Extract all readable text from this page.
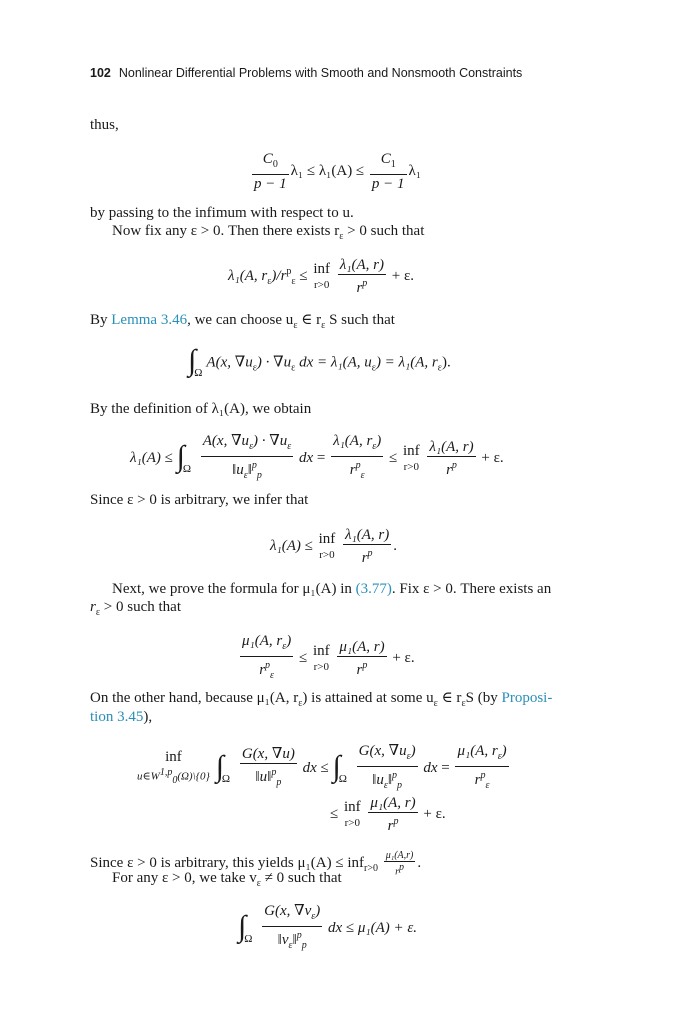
102 Nonlinear Differential Problems with Smooth and Nonsmooth Constraints
thus,
$\frac{C_0}{p - 1} \lambda_1 \le \lambda_1(A) \le \frac{C_1}{p - 1} \lambda_1$
by passing to the infimum with respect to u.
Now fix any ε > 0. Then there exists $r_\varepsilon > 0$ such that
λ₁(A, $r_\varepsilon)/r^p_\varepsilon$ ≤ inf
r>0
$\frac{\text{λ₁(A, r)}}{r^p} + \varepsilon$.
By Lemma 3.46, we can choose $u_\varepsilon$ ∈ $r_\varepsilon$ S such that
$\int_\Omega A(x$, $\nabla u_\varepsilon) \cdot \nabla u_\varepsilon$ dx = λ₁(A, $u_\varepsilon) = \lambda_1(A$, $r_\varepsilon$).
By the definition of λ₁(A), we obtain
$\lambda_1(A) \le \int_\Omega \frac{A(x, \nabla u_\varepsilon) \cdot \nabla u_\varepsilon}{‖u_\varepsilon‖^p_p}$ dx = $\frac{\lambda_1(A, r_\varepsilon)}{r^p_\varepsilon}$ ≤ inf
r>0
$\frac{\text{λ₁(A, r)}}{r^p} + \varepsilon$.
Since ε > 0 is arbitrary, we infer that
λ₁(A) ≤ inf
r>0
$\frac{\text{λ₁(A, r)}}{r^p}$ .
Next, we prove the formula for μ₁(A) in (3.77). Fix ε > 0. There exists an
$r_\varepsilon > 0$ such that
$\frac{\mu_1(A, r_\varepsilon)}{r^p_\varepsilon}$ ≤ inf
r>0
$\frac{\text{μ₁(A, r)}}{r^p} + \varepsilon$.
On the other hand, because μ₁(A, $r_\varepsilon$) is attained at some $u_\varepsilon$ ∈ $r_\varepsilon S$ (by Proposi-
tion 3.45),
inf
$u\in W^{1,p}_0(\Omega)\backslash\{0\}$ $\int_\Omega \frac{G(x, \nabla u)}{‖u‖^p_p}$ dx ≤ $\int_\Omega \frac{G(x, \nabla u_\varepsilon)}{‖u_\varepsilon‖^p_p}$ dx = $\frac{\mu_1(A, r_\varepsilon)}{r^p_\varepsilon}$
≤ inf
r>0
$\frac{\text{μ₁(A, r)}}{r^p} + \varepsilon$.
Since ε > 0 is arbitrary, this yields $\mu_1(A) \le inf_{r>0} \frac{\text{μ₁(A,r)}}{r^p}$ .
For any ε > 0, we take $v_\varepsilon \ne 0$ such that
$\int_\Omega \frac{G(x, \nabla v_\varepsilon)}{‖v_\varepsilon‖^p_p}$ dx ≤ μ₁(A) + ε.
